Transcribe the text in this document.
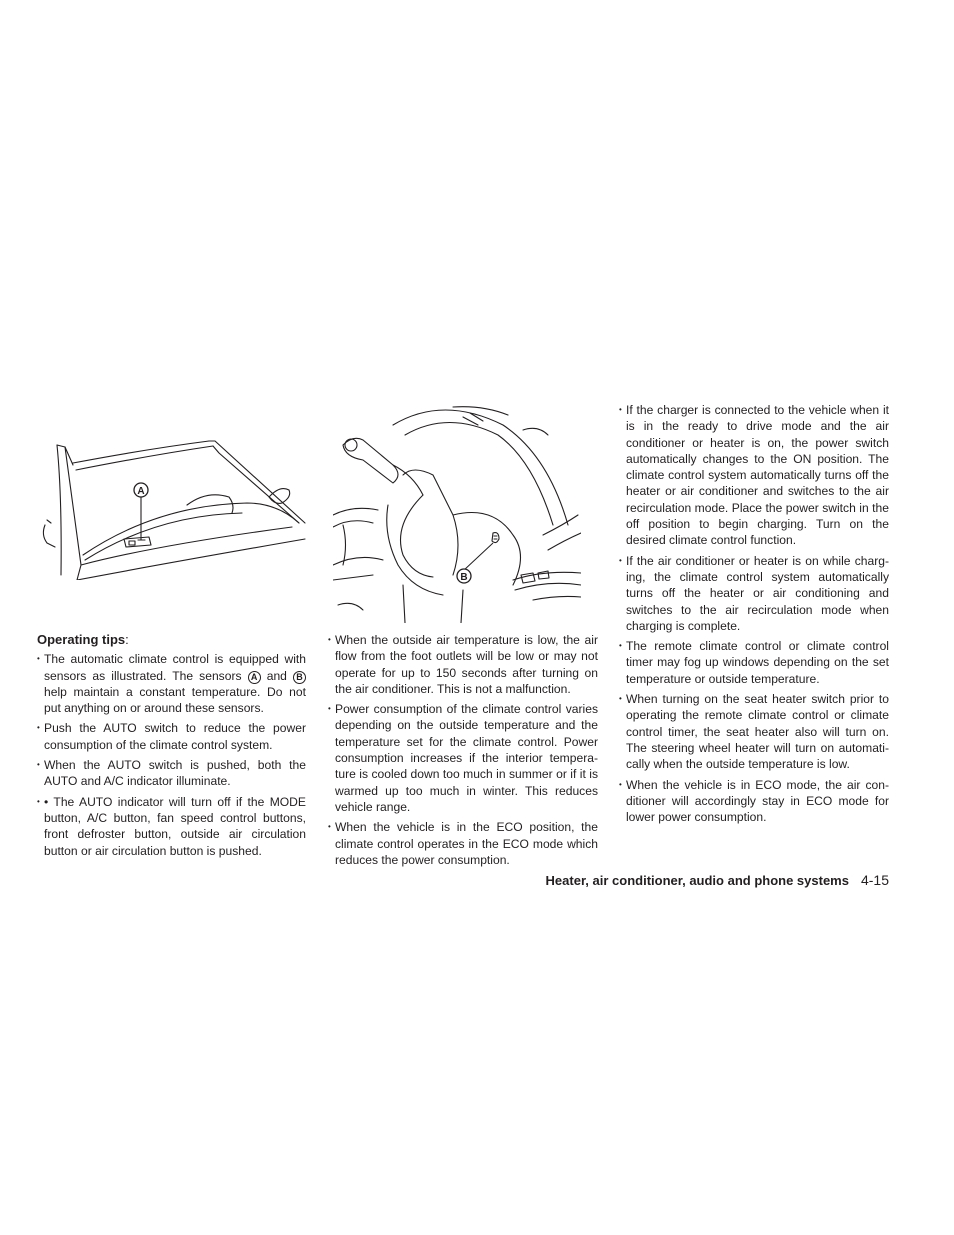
A
B
Operating tips:
• The automatic climate control is equipped with sensors as illustrated. The sensors A and B help maintain a constant temperature. Do not put anything on or around these sensors.
• Push the AUTO switch to reduce the power consumption of the climate control system.
• When the AUTO switch is pushed, both the AUTO and A/C indicator illuminate.
• • The AUTO indicator will turn off if the MODE button, A/C button, fan speed control buttons, front defroster button, outside air circulation button or air circulation button is pushed.
• When the outside air temperature is low, the air flow from the foot outlets will be low or may not operate for up to 150 seconds after turning on the air conditioner. This is not a malfunction.
• Power consumption of the climate control varies depending on the outside temperature and the temperature set for the climate control. Power consumption increases if the interior tempera- ture is cooled down too much in summer or if it is warmed up too much in winter. This reduces vehicle range.
• When the vehicle is in the ECO position, the climate control operates in the ECO mode which reduces the power consumption.
• If the charger is connected to the vehicle when it is in the ready to drive mode and the air conditioner or heater is on, the power switch automatically changes to the ON position. The climate control system automatically turns off the heater or air conditioner and switches to the air recirculation mode. Place the power switch in the off position to begin charging. Turn on the desired climate control function.
• If the air conditioner or heater is on while charg- ing, the climate control system automatically turns off the heater or air conditioning and switches to the air recirculation mode when charging is complete.
• The remote climate control or climate control timer may fog up windows depending on the set temperature or outside temperature.
• When turning on the seat heater switch prior to operating the remote climate control or climate control timer, the seat heater also will turn on. The steering wheel heater will turn on automati- cally when the outside temperature is low.
• When the vehicle is in ECO mode, the air con- ditioner will accordingly stay in ECO mode for lower power consumption.
Heater, air conditioner, audio and phone systems 4-15
